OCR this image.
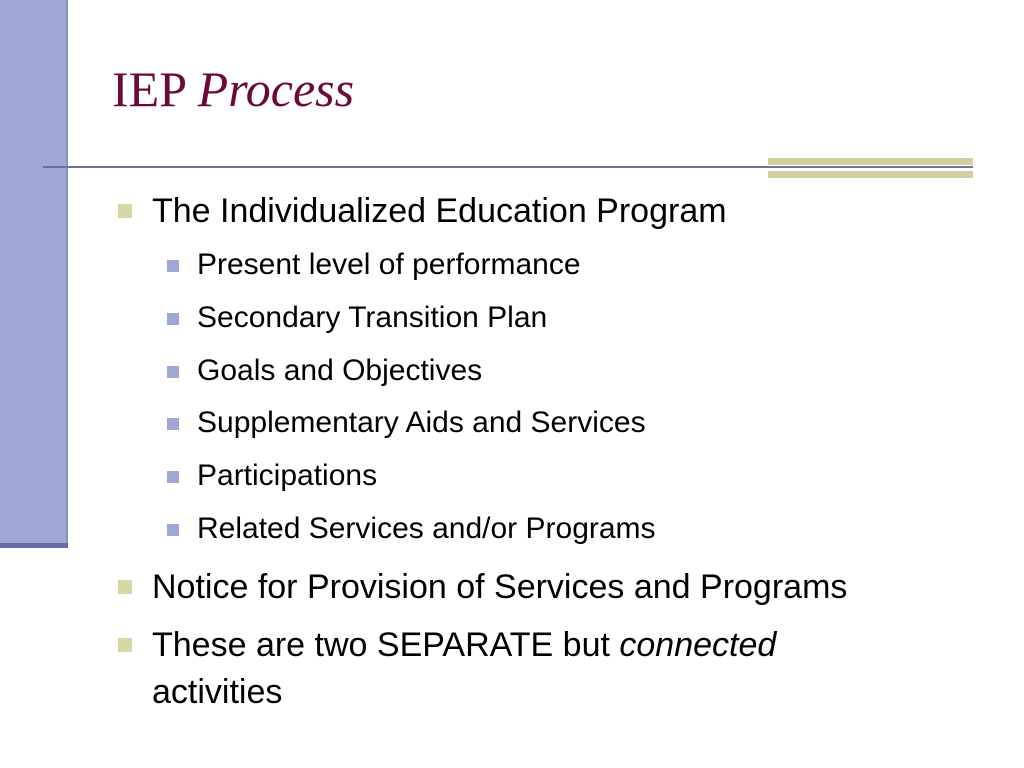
IEP Process
The Individualized Education Program
Present level of performance
Secondary Transition Plan
Goals and Objectives
Supplementary Aids and Services
Participations
Related Services and/or Programs
Notice for Provision of Services and Programs
These are two SEPARATE but connected
activities
